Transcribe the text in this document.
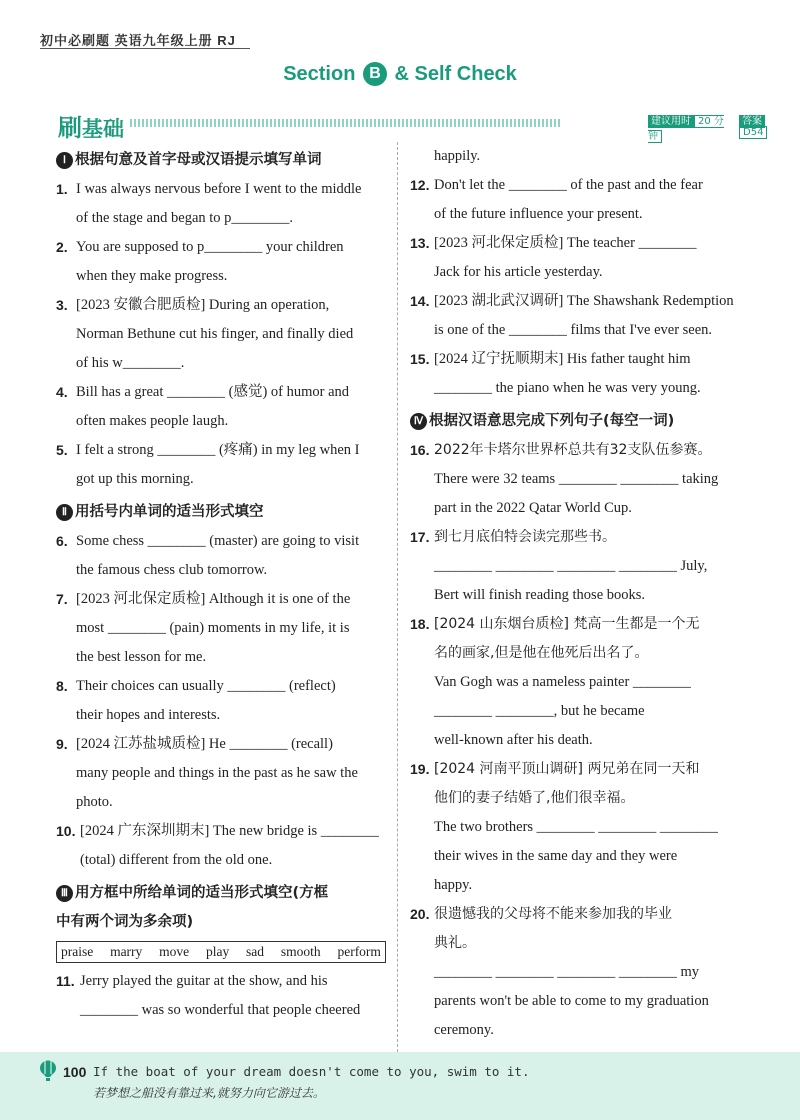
初中必刷题 英语九年级上册 RJ
Section B & Self Check
刷基础	建议用时 20 分钟
答案D54
Ⅰ 根据句意及首字母或汉语提示填写单词
1. I was always nervous before I went to the middle
of the stage and began to p________.
2. You are supposed to p________ your children
when they make progress.
3. [2023 安徽合肥质检] During an operation,
Norman Bethune cut his finger, and finally died
of his w________.
4. Bill has a great ________ (感觉) of humor and
often makes people laugh.
5. I felt a strong ________ (疼痛) in my leg when I
got up this morning.
Ⅱ 用括号内单词的适当形式填空
6. Some chess ________ (master) are going to visit
the famous chess club tomorrow.
7. [2023 河北保定质检] Although it is one of the
most ________ (pain) moments in my life, it is
the best lesson for me.
8. Their choices can usually ________ (reflect)
their hopes and interests.
9. [2024 江苏盐城质检] He ________ (recall)
many people and things in the past as he saw the
photo.
10. [2024 广东深圳期末] The new bridge is ________
(total) different from the old one.
Ⅲ 用方框中所给单词的适当形式填空(方框
中有两个词为多余项)
praise marry move play sad smooth perform
11. Jerry played the guitar at the show, and his
________ was so wonderful that people cheered
happily.
12. Don't let the ________ of the past and the fear
of the future influence your present.
13. [2023 河北保定质检] The teacher ________
Jack for his article yesterday.
14. [2023 湖北武汉调研] The Shawshank Redemption
is one of the ________ films that I've ever seen.
15. [2024 辽宁抚顺期末] His father taught him
________ the piano when he was very young.
Ⅳ 根据汉语意思完成下列句子(每空一词)
16. 2022年卡塔尔世界杯总共有32支队伍参赛。
There were 32 teams ________ ________ taking
part in the 2022 Qatar World Cup.
17. 到七月底伯特会读完那些书。
________ ________ ________ ________ July,
Bert will finish reading those books.
18. [2024 山东烟台质检] 梵高一生都是一个无
名的画家,但是他在他死后出名了。
Van Gogh was a nameless painter ________
________ ________, but he became
well-known after his death.
19. [2024 河南平顶山调研] 两兄弟在同一天和
他们的妻子结婚了,他们很幸福。
The two brothers ________ ________ ________
their wives in the same day and they were
happy.
20. 很遗憾我的父母将不能来参加我的毕业
典礼。
________ ________ ________ ________ my
parents won't be able to come to my graduation
ceremony.
100 If the boat of your dream doesn't come to you, swim to it.
若梦想之船没有靠过来,就努力向它游过去。
